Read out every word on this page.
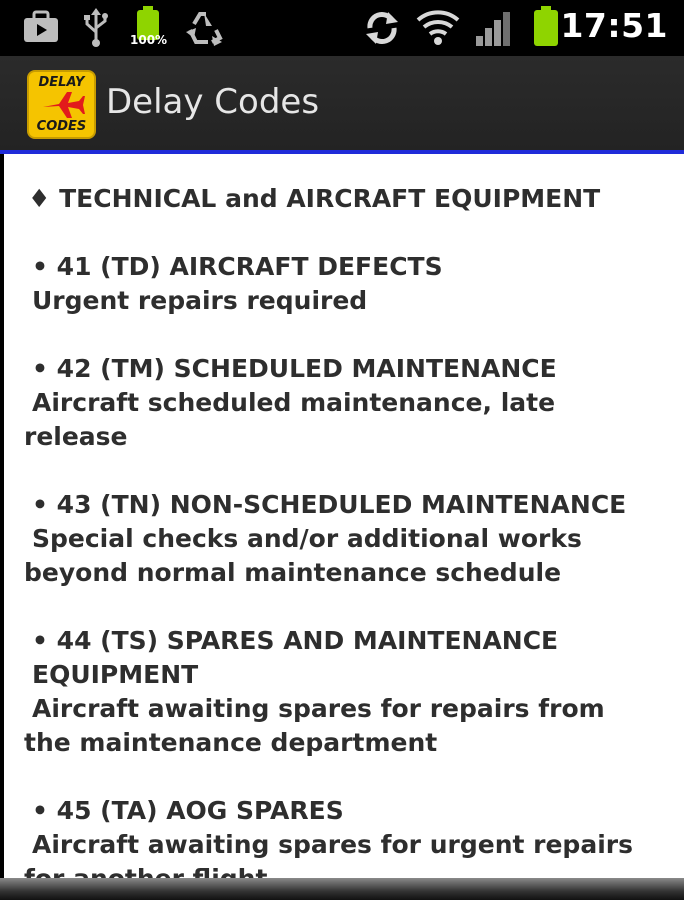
100%	17:51
DELAY
CODES
Delay Codes
♦ TECHNICAL and AIRCRAFT EQUIPMENT
• 41 (TD) AIRCRAFT DEFECTS
Urgent repairs required
• 42 (TM) SCHEDULED MAINTENANCE
Aircraft scheduled maintenance, late release
• 43 (TN) NON-SCHEDULED MAINTENANCE
Special checks and/or additional works beyond normal maintenance schedule
• 44 (TS) SPARES AND MAINTENANCE EQUIPMENT
Aircraft awaiting spares for repairs from the maintenance department
• 45 (TA) AOG SPARES
Aircraft awaiting spares for urgent repairs
